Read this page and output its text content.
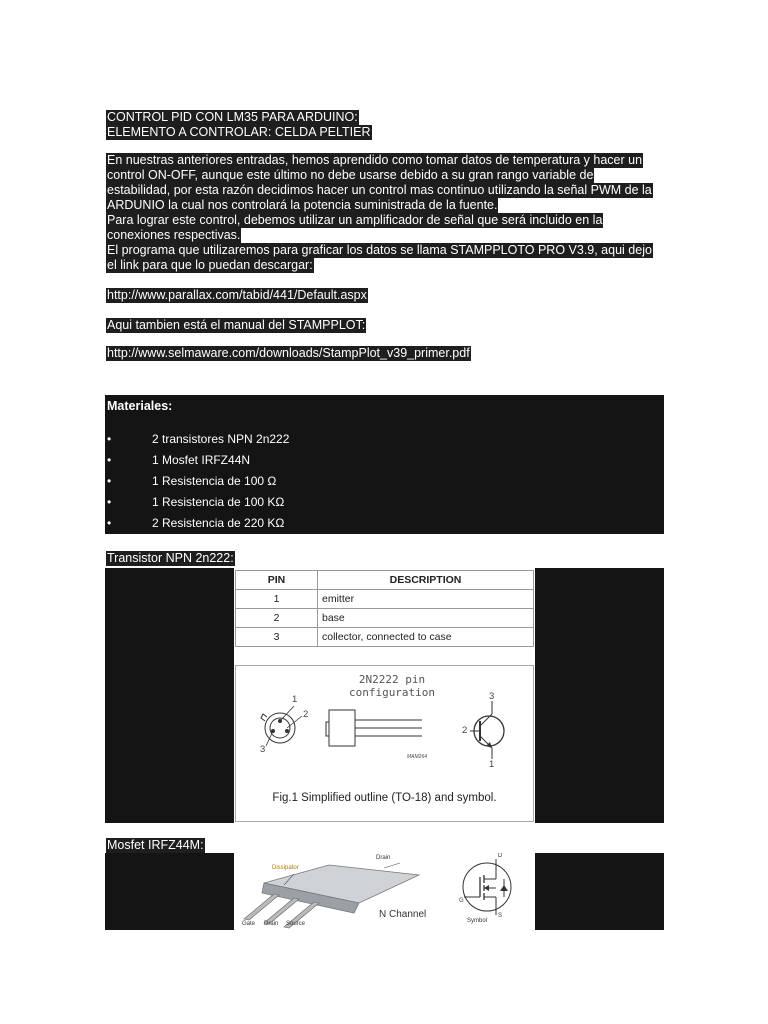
CONTROL PID CON LM35 PARA ARDUINO:
ELEMENTO A CONTROLAR: CELDA PELTIER
En nuestras anteriores entradas, hemos aprendido como tomar datos de temperatura y hacer un
control ON-OFF, aunque este último no debe usarse debido a su gran rango variable de
estabilidad, por esta razón decidimos hacer un control mas continuo utilizando la señal PWM de la
ARDUNIO la cual nos controlará la potencia suministrada de la fuente.
Para lograr este control, debemos utilizar un amplificador de señal que será incluido en la
conexiones respectivas.
El programa que utilizaremos para graficar los datos se llama STAMPPLOTO PRO V3.9, aqui dejo
el link para que lo puedan descargar:
http://www.parallax.com/tabid/441/Default.aspx
Aqui tambien está el manual del STAMPPLOT:
http://www.selmaware.com/downloads/StampPlot_v39_primer.pdf
Materiales:
•	2 transistores NPN 2n222
•	1 Mosfet IRFZ44N
•	1 Resistencia de 100 Ω
•	1 Resistencia de 100 KΩ
•	2 Resistencia de 220 KΩ
Transistor NPN 2n222:
PIN	DESCRIPTION
1	emitter
2	base
3	collector, connected to case
2N2222 pin
configuration
1
2
3
3
2
1
MAM264
Fig.1 Simplified outline (TO-18) and symbol.
Mosfet IRFZ44M:
Drain
Dissipator
Gate Drain Source
N Channel
Symbol
D
G
S
